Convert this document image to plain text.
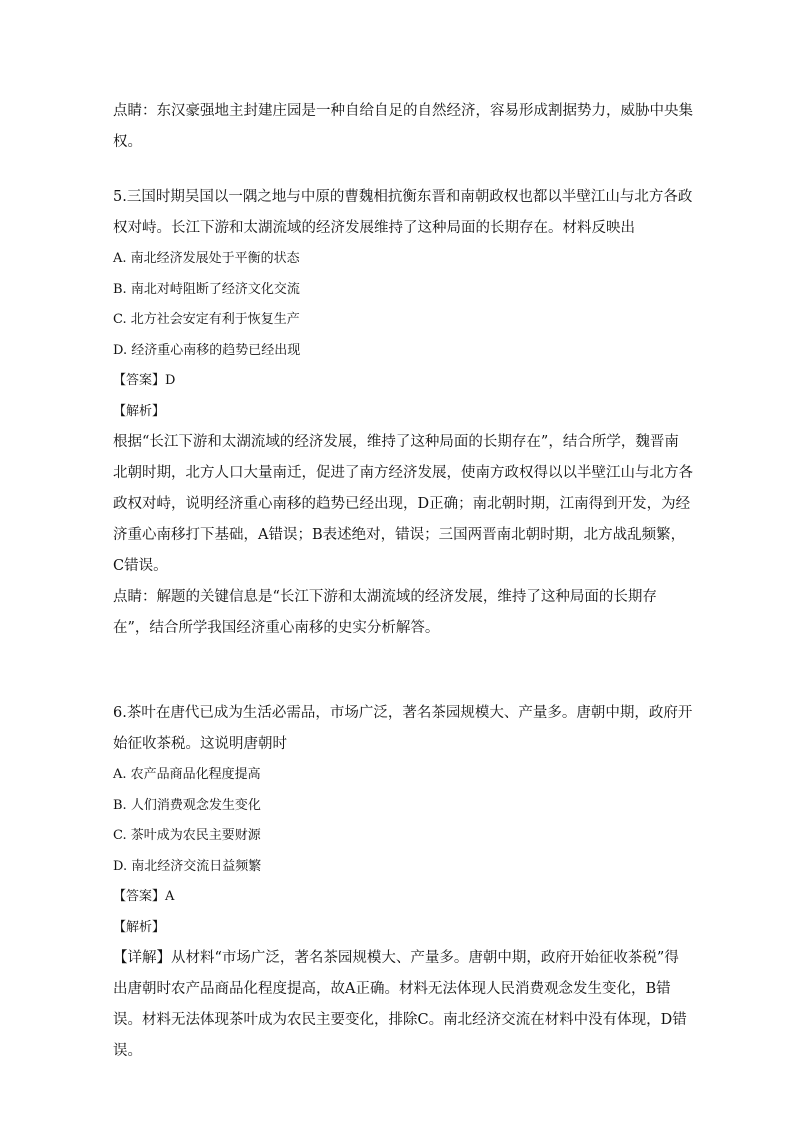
点睛：东汉豪强地主封建庄园是一种自给自足的自然经济，容易形成割据势力，威胁中央集权。

5.三国时期吴国以一隅之地与中原的曹魏相抗衡东晋和南朝政权也都以半壁江山与北方各政权对峙。长江下游和太湖流域的经济发展维持了这种局面的长期存在。材料反映出

A. 南北经济发展处于平衡的状态

B. 南北对峙阻断了经济文化交流

C. 北方社会安定有利于恢复生产

D. 经济重心南移的趋势已经出现

【答案】D

【解析】

根据“长江下游和太湖流域的经济发展，维持了这种局面的长期存在”，结合所学，魏晋南北朝时期，北方人口大量南迁，促进了南方经济发展，使南方政权得以以半壁江山与北方各政权对峙，说明经济重心南移的趋势已经出现，D正确；南北朝时期，江南得到开发，为经济重心南移打下基础，A错误；B表述绝对，错误；三国两晋南北朝时期，北方战乱频繁，C错误。

点睛：解题的关键信息是“长江下游和太湖流域的经济发展，维持了这种局面的长期存在”，结合所学我国经济重心南移的史实分析解答。

6.茶叶在唐代已成为生活必需品，市场广泛，著名茶园规模大、产量多。唐朝中期，政府开始征收茶税。这说明唐朝时

A. 农产品商品化程度提高

B. 人们消费观念发生变化

C. 茶叶成为农民主要财源

D. 南北经济交流日益频繁

【答案】A

【解析】

【详解】从材料“市场广泛，著名茶园规模大、产量多。唐朝中期，政府开始征收茶税”得出唐朝时农产品商品化程度提高，故A正确。材料无法体现人民消费观念发生变化，B错误。材料无法体现茶叶成为农民主要变化，排除C。南北经济交流在材料中没有体现，D错误。
